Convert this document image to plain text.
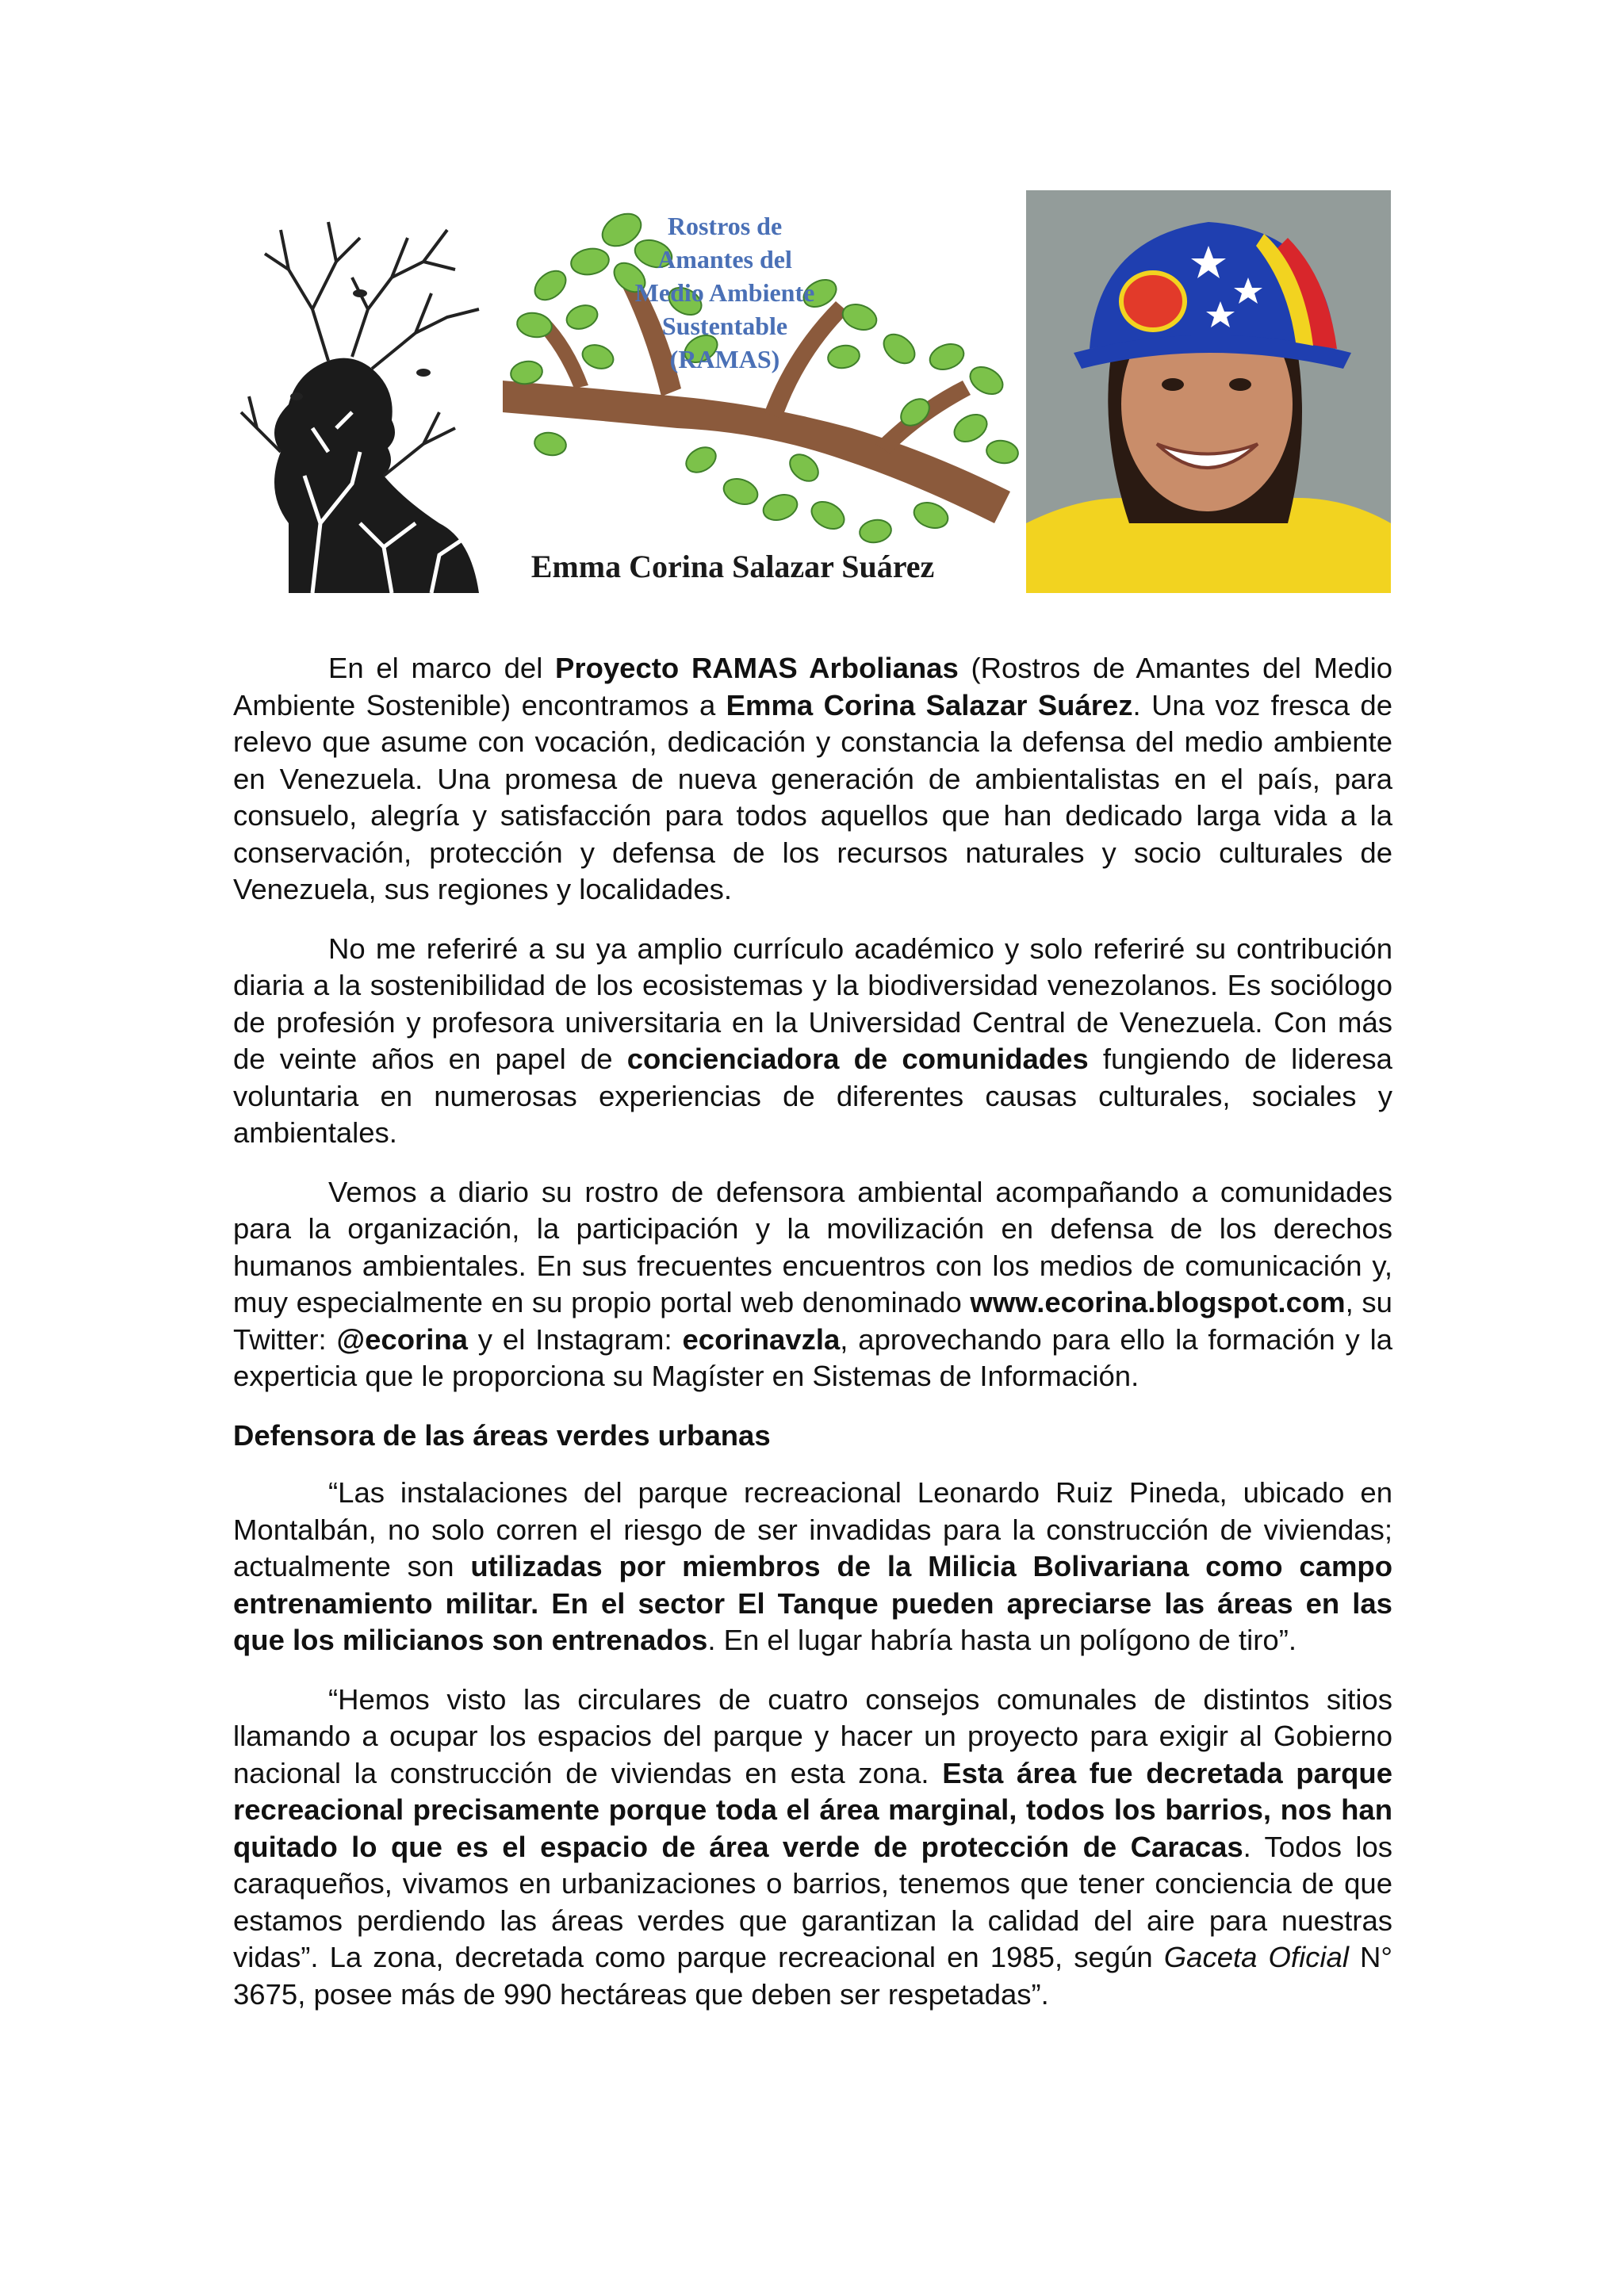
Rostros de
Amantes del
Medio Ambiente
Sustentable
(RAMAS)
Emma Corina Salazar Suárez

En el marco del Proyecto RAMAS Arbolianas (Rostros de Amantes del Medio Ambiente Sostenible) encontramos a Emma Corina Salazar Suárez. Una voz fresca de relevo que asume con vocación, dedicación y constancia la defensa del medio ambiente en Venezuela. Una promesa de nueva generación de ambientalistas en el país, para consuelo, alegría y satisfacción para todos aquellos que han dedicado larga vida a la conservación, protección y defensa de los recursos naturales y socio culturales de Venezuela, sus regiones y localidades.

No me referiré a su ya amplio currículo académico y solo referiré su contribución diaria a la sostenibilidad de los ecosistemas y la biodiversidad venezolanos. Es sociólogo de profesión y profesora universitaria en la Universidad Central de Venezuela. Con más de veinte años en papel de concienciadora de comunidades fungiendo de lideresa voluntaria en numerosas experiencias de diferentes causas culturales, sociales y ambientales.

Vemos a diario su rostro de defensora ambiental acompañando a comunidades para la organización, la participación y la movilización en defensa de los derechos humanos ambientales. En sus frecuentes encuentros con los medios de comunicación y, muy especialmente en su propio portal web denominado www.ecorina.blogspot.com, su Twitter: @ecorina y el Instagram: ecorinavzla, aprovechando para ello la formación y la experticia que le proporciona su Magíster en Sistemas de Información.

Defensora de las áreas verdes urbanas

“Las instalaciones del parque recreacional Leonardo Ruiz Pineda, ubicado en Montalbán, no solo corren el riesgo de ser invadidas para la construcción de viviendas; actualmente son utilizadas por miembros de la Milicia Bolivariana como campo entrenamiento militar. En el sector El Tanque pueden apreciarse las áreas en las que los milicianos son entrenados. En el lugar habría hasta un polígono de tiro”.

“Hemos visto las circulares de cuatro consejos comunales de distintos sitios llamando a ocupar los espacios del parque y hacer un proyecto para exigir al Gobierno nacional la construcción de viviendas en esta zona. Esta área fue decretada parque recreacional precisamente porque toda el área marginal, todos los barrios, nos han quitado lo que es el espacio de área verde de protección de Caracas. Todos los caraqueños, vivamos en urbanizaciones o barrios, tenemos que tener conciencia de que estamos perdiendo las áreas verdes que garantizan la calidad del aire para nuestras vidas”. La zona, decretada como parque recreacional en 1985, según Gaceta Oficial N° 3675, posee más de 990 hectáreas que deben ser respetadas”.
